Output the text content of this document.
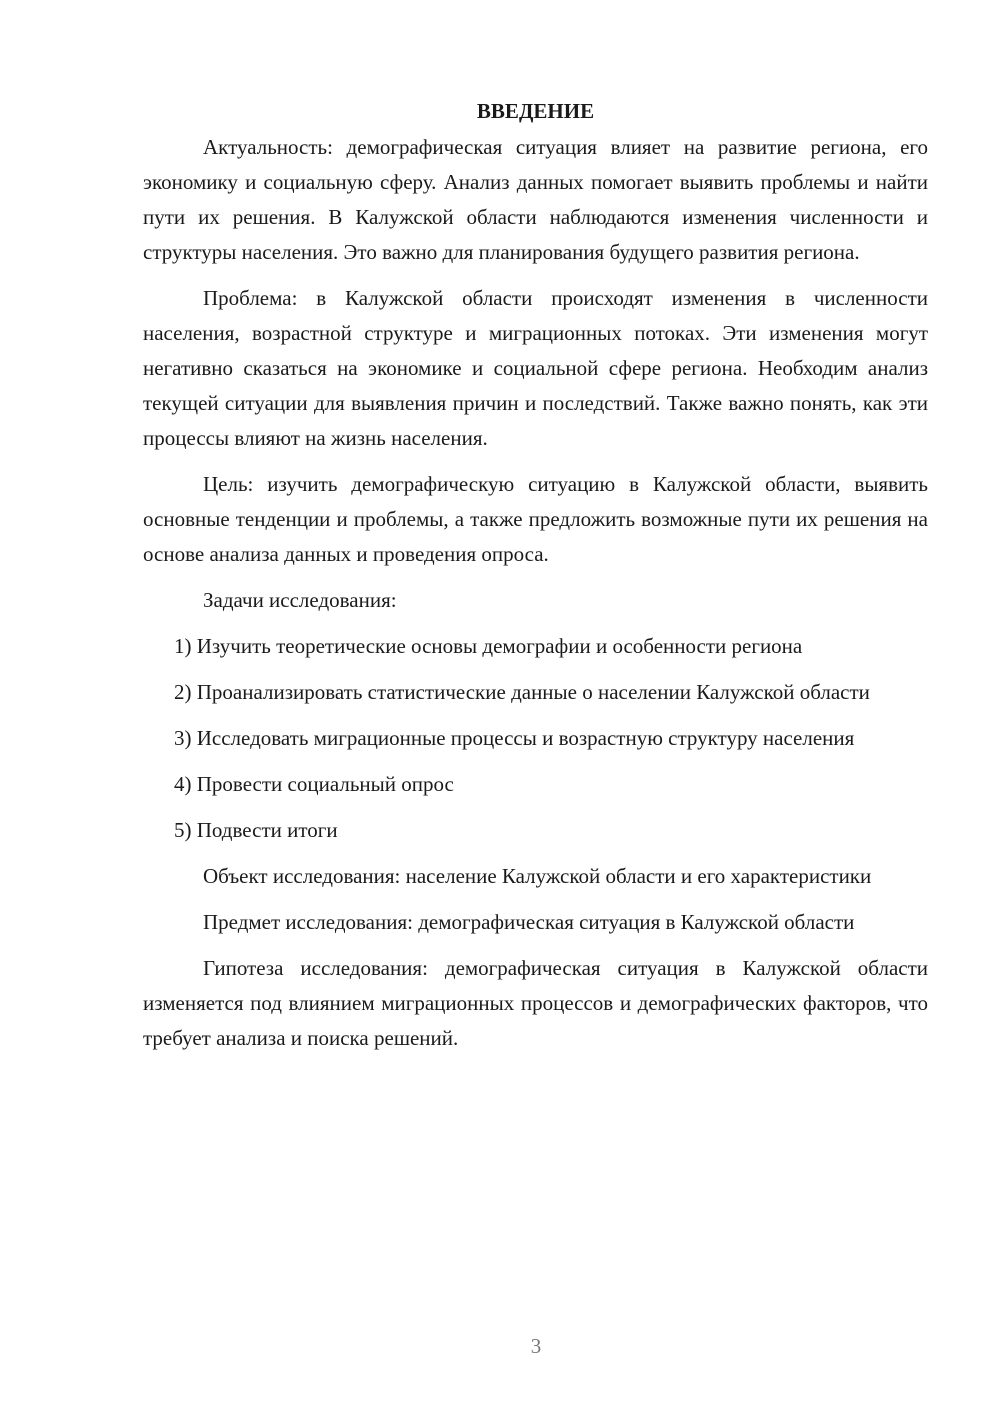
ВВЕДЕНИЕ

Актуальность: демографическая ситуация влияет на развитие региона, его экономику и социальную сферу. Анализ данных помогает выявить проблемы и найти пути их решения. В Калужской области наблюдаются изменения численности и структуры населения. Это важно для планирования будущего развития региона.

Проблема: в Калужской области происходят изменения в численности населения, возрастной структуре и миграционных потоках. Эти изменения могут негативно сказаться на экономике и социальной сфере региона. Необходим анализ текущей ситуации для выявления причин и последствий. Также важно понять, как эти процессы влияют на жизнь населения.

Цель: изучить демографическую ситуацию в Калужской области, выявить основные тенденции и проблемы, а также предложить возможные пути их решения на основе анализа данных и проведения опроса.

Задачи исследования:

1) Изучить теоретические основы демографии и особенности региона

2) Проанализировать статистические данные о населении Калужской области

3) Исследовать миграционные процессы и возрастную структуру населения

4) Провести социальный опрос

5) Подвести итоги

Объект исследования: население Калужской области и его характеристики

Предмет исследования: демографическая ситуация в Калужской области

Гипотеза исследования: демографическая ситуация в Калужской области изменяется под влиянием миграционных процессов и демографических факторов, что требует анализа и поиска решений.

3
